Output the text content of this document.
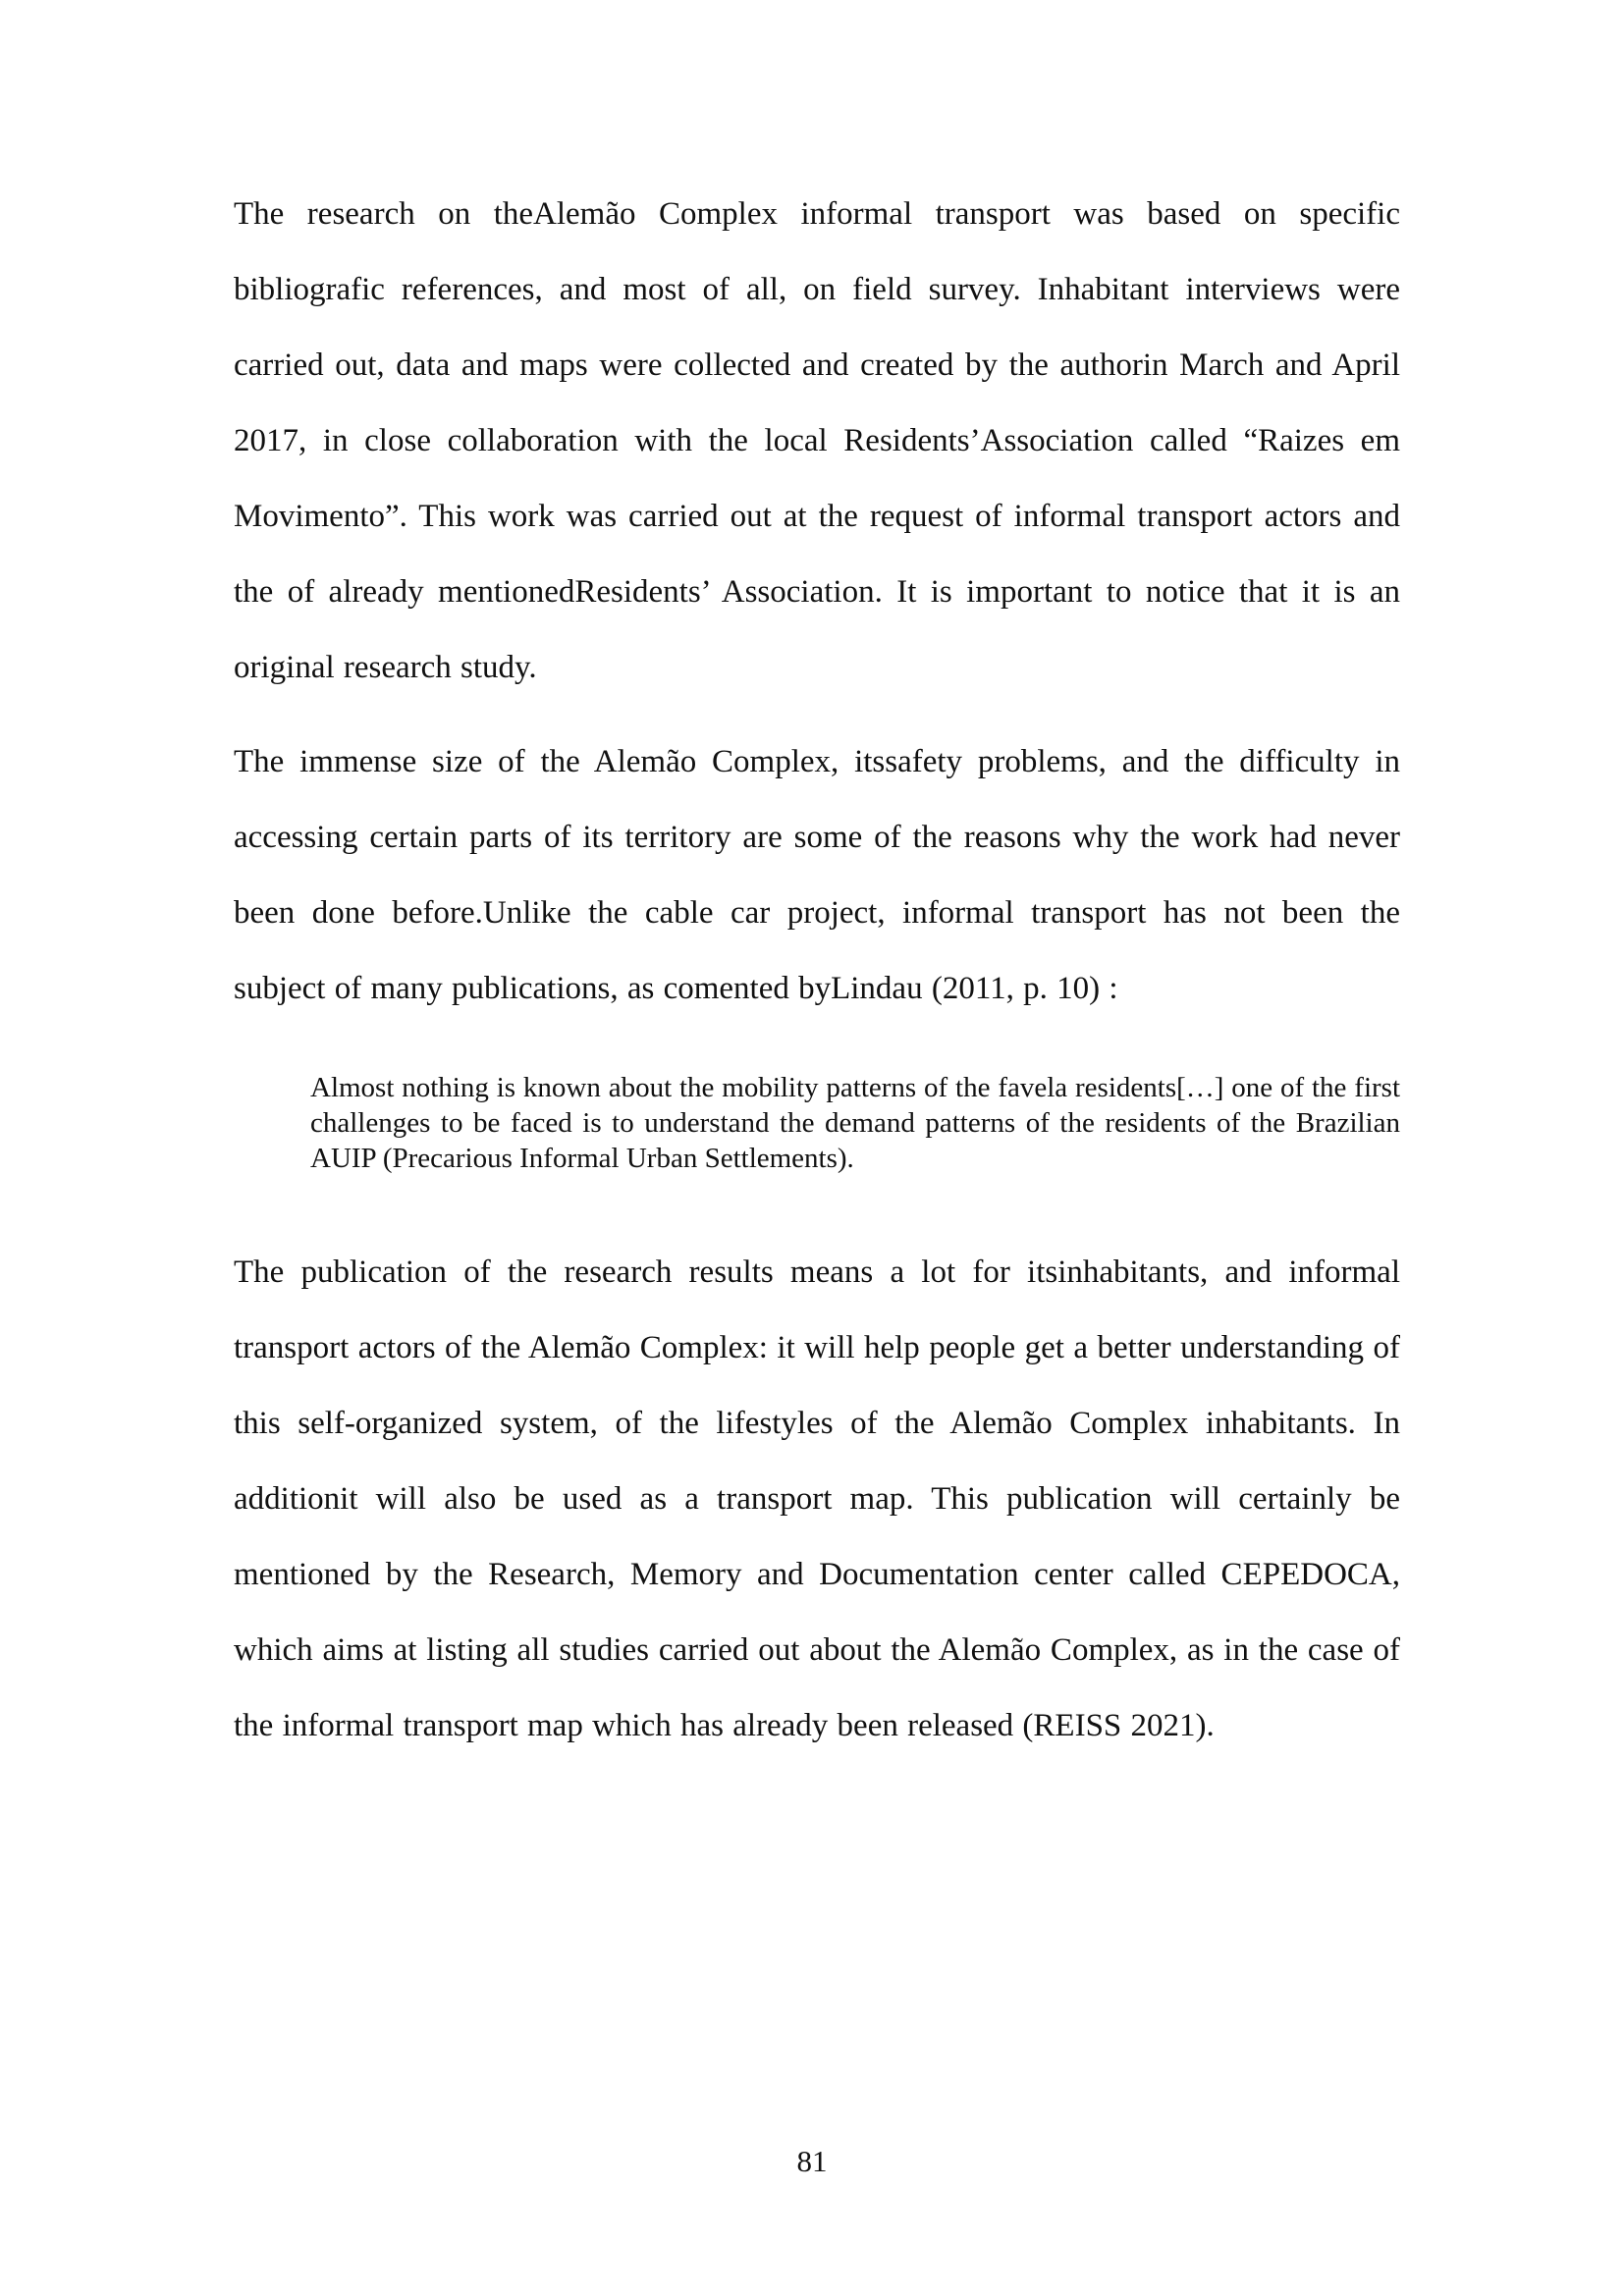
The research on theAlemão Complex informal transport was based on specific bibliografic references, and most of all, on field survey. Inhabitant interviews were carried out, data and maps were collected and created by the authorin March and April 2017, in close collaboration with the local Residents’Association called “Raizes em Movimento”. This work was carried out at the request of informal transport actors and the of already mentionedResidents’ Association. It is important to notice that it is an original research study.

The immense size of the Alemão Complex, itssafety problems, and the difficulty in accessing certain parts of its territory are some of the reasons why the work had never been done before.Unlike the cable car project, informal transport has not been the subject of many publications, as comented byLindau (2011, p. 10) :

Almost nothing is known about the mobility patterns of the favela residents[…] one of the first challenges to be faced is to understand the demand patterns of the residents of the Brazilian AUIP (Precarious Informal Urban Settlements).

The publication of the research results means a lot for itsinhabitants, and informal transport actors of the Alemão Complex: it will help people get a better understanding of this self-organized system, of the lifestyles of the Alemão Complex inhabitants. In additionit will also be used as a transport map. This publication will certainly be mentioned by the Research, Memory and Documentation center called CEPEDOCA, which aims at listing all studies carried out about the Alemão Complex, as in the case of the informal transport map which has already been released (REISS 2021).

81
